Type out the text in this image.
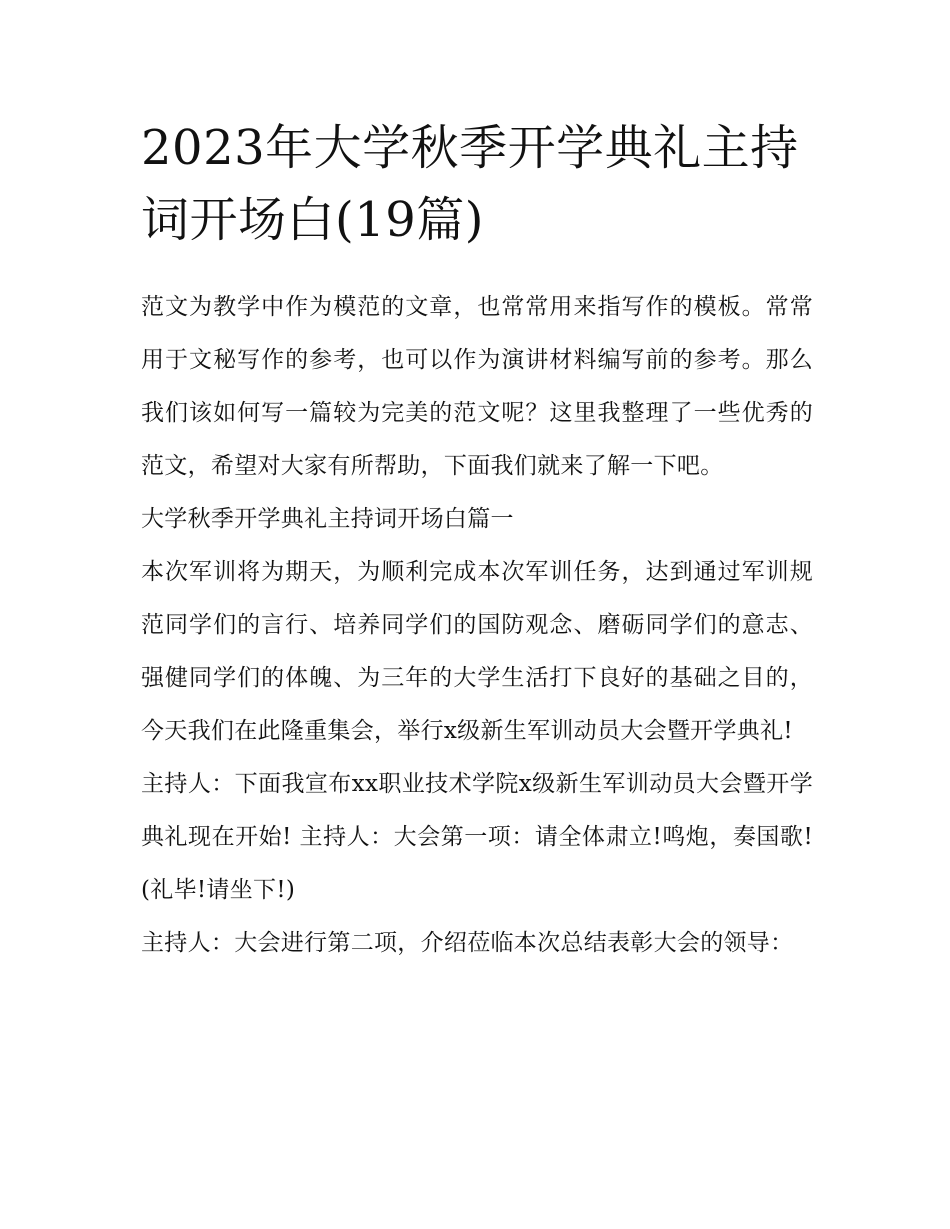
2023年大学秋季开学典礼主持词开场白(19篇)

范文为教学中作为模范的文章，也常常用来指写作的模板。常常用于文秘写作的参考，也可以作为演讲材料编写前的参考。那么我们该如何写一篇较为完美的范文呢？这里我整理了一些优秀的范文，希望对大家有所帮助，下面我们就来了解一下吧。

大学秋季开学典礼主持词开场白篇一

本次军训将为期天，为顺利完成本次军训任务，达到通过军训规范同学们的言行、培养同学们的国防观念、磨砺同学们的意志、强健同学们的体魄、为三年的大学生活打下良好的基础之目的，今天我们在此隆重集会，举行x级新生军训动员大会暨开学典礼!

主持人：下面我宣布xx职业技术学院x级新生军训动员大会暨开学典礼现在开始! 主持人：大会第一项：请全体肃立!鸣炮，奏国歌! (礼毕!请坐下!)

主持人：大会进行第二项，介绍莅临本次总结表彰大会的领导：
